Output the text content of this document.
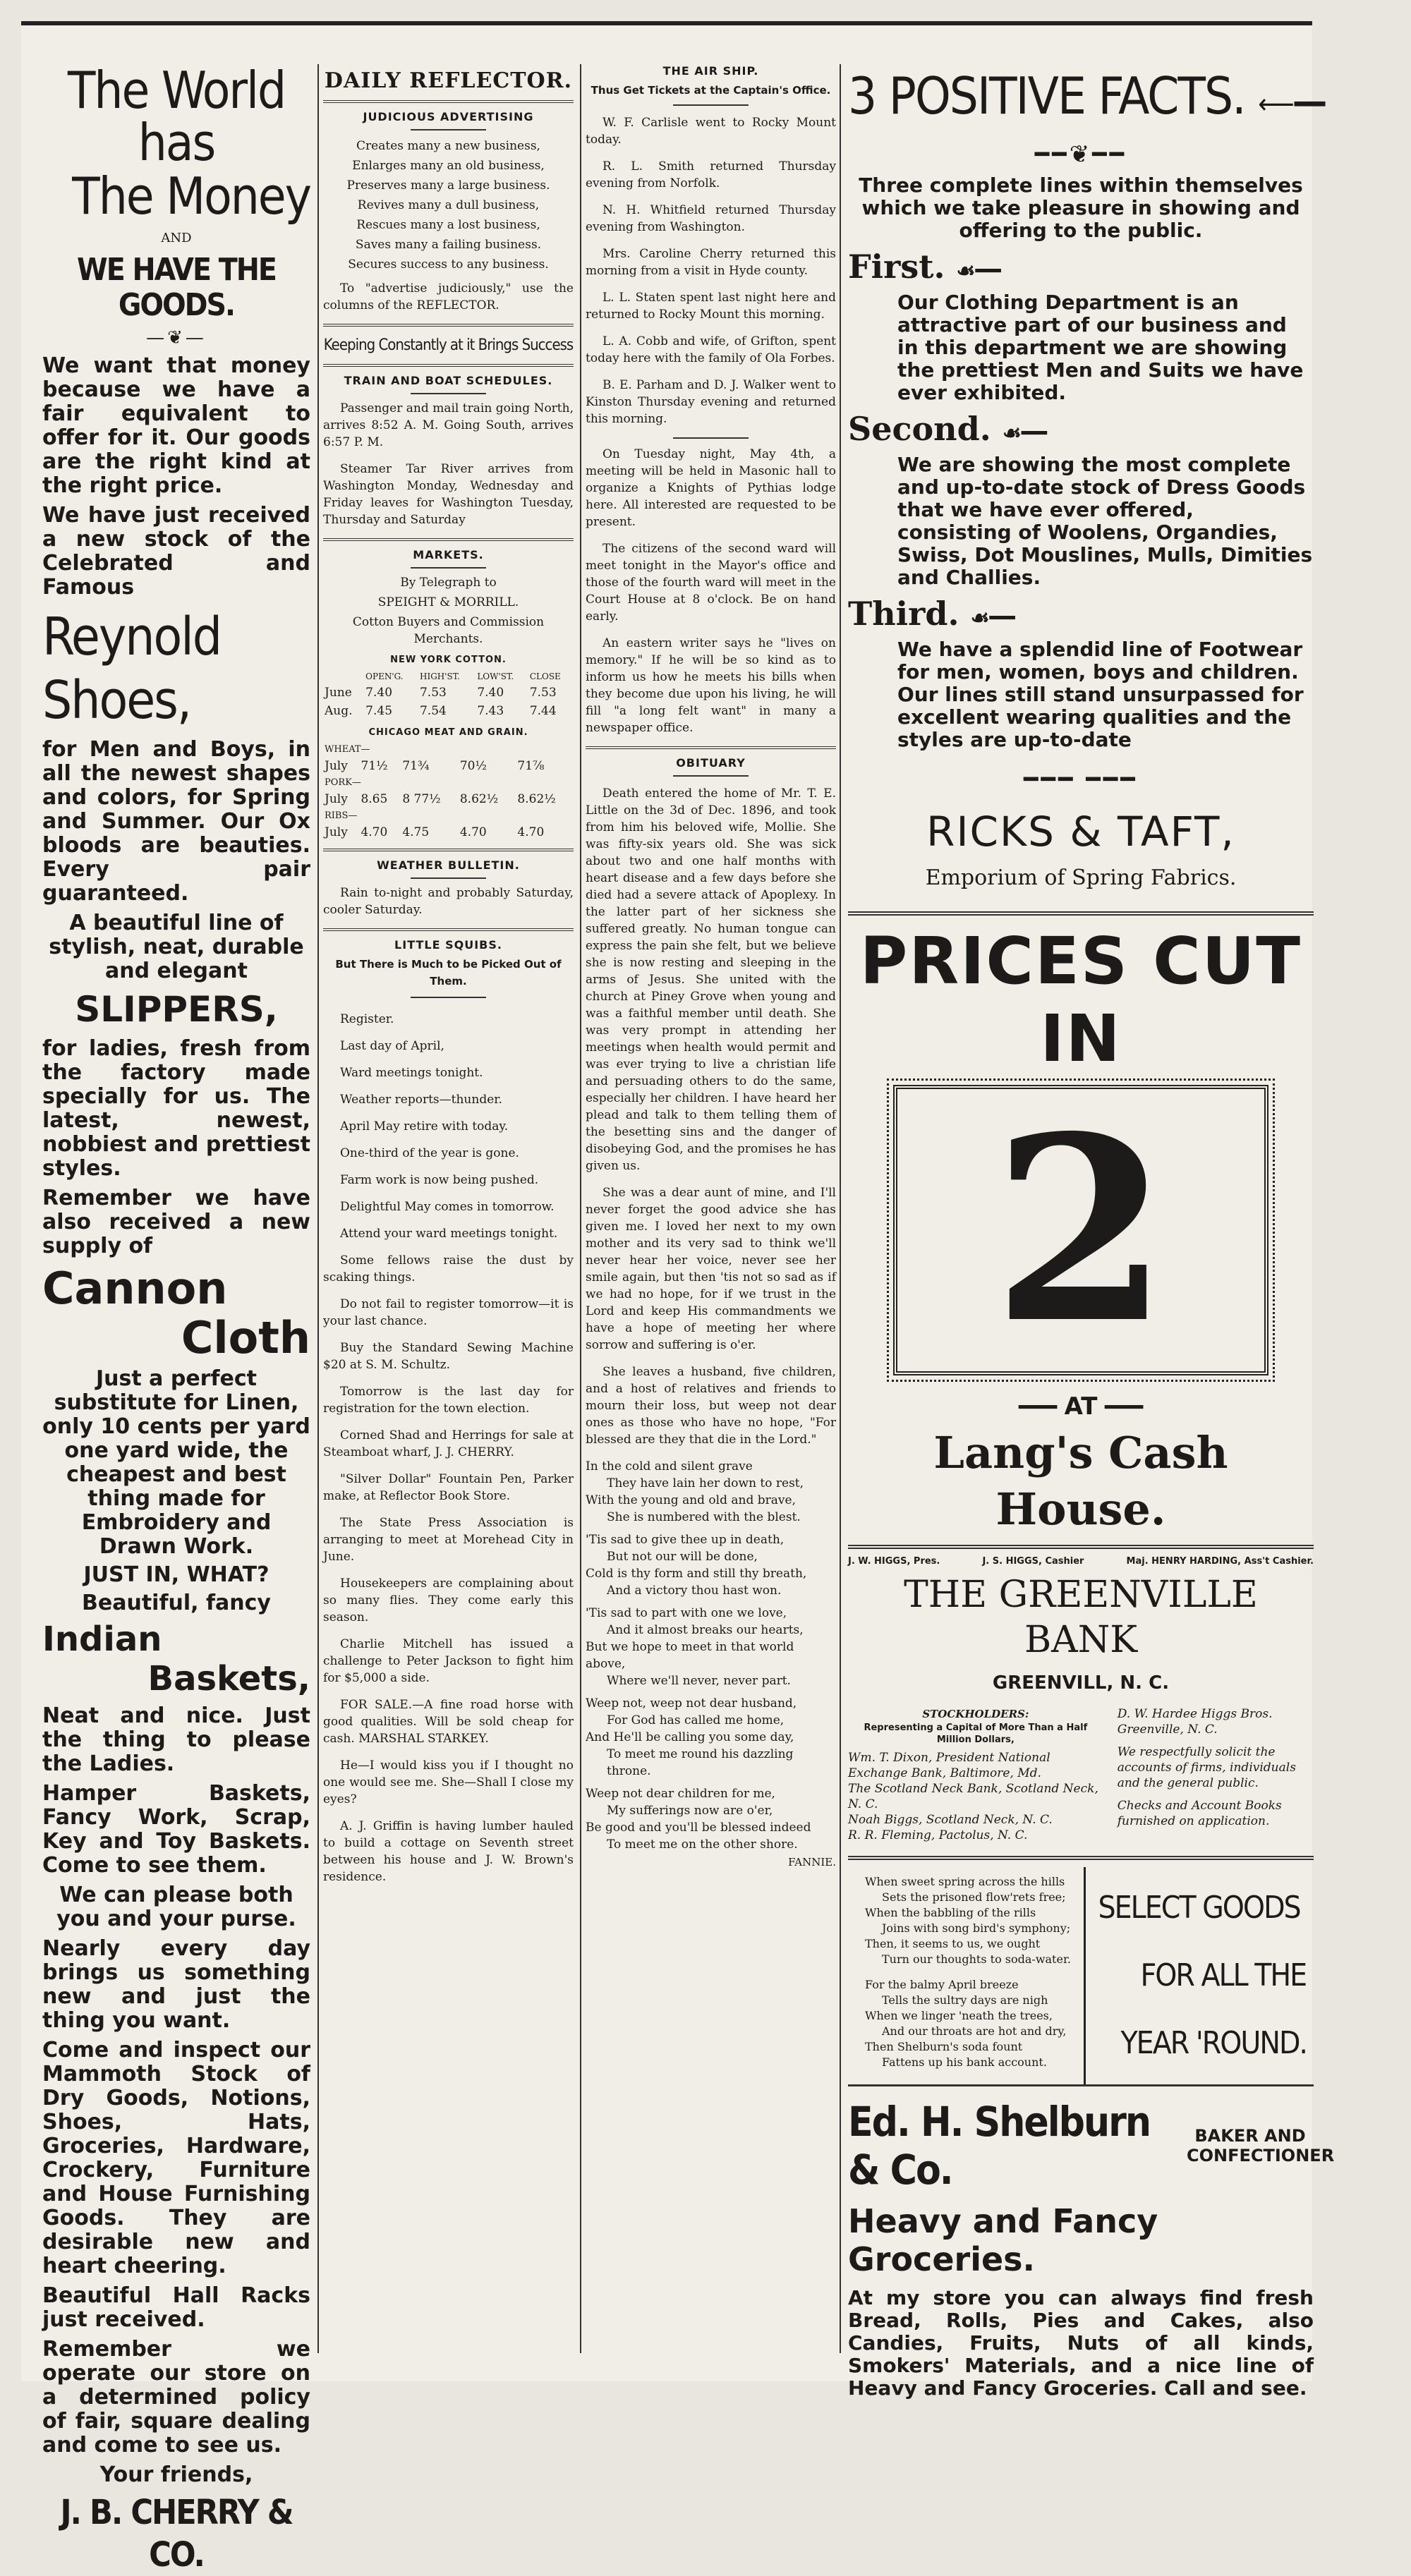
The World has
The Money
AND
WE HAVE THE GOODS.
—❦—

We want that money because we have a fair equivalent to offer for it. Our goods are the right kind at the right price.

We have just received a new stock of the Celebrated and Famous

Reynold Shoes,

for Men and Boys, in all the newest shapes and colors, for Spring and Summer. Our Ox bloods are beauties. Every pair guaranteed.

A beautiful line of stylish, neat, durable and elegant

SLIPPERS,

for ladies, fresh from the factory made specially for us. The latest, newest, nobbiest and prettiest styles.

Remember we have also received a new supply of

Cannon
Cloth

Just a perfect substitute for Linen, only 10 cents per yard one yard wide, the cheapest and best thing made for Embroidery and Drawn Work.

JUST IN, WHAT?

Beautiful, fancy

Indian
Baskets,

Neat and nice. Just the thing to please the Ladies.

Hamper Baskets, Fancy Work, Scrap, Key and Toy Baskets. Come to see them.

We can please both you and your purse.

Nearly every day brings us something new and just the thing you want.

Come and inspect our Mammoth Stock of Dry Goods, Notions, Shoes, Hats, Groceries, Hardware, Crockery, Furniture and House Furnishing Goods. They are desirable new and heart cheering.

Beautiful Hall Racks just received.

Remember we operate our store on a determined policy of fair, square dealing and come to see us.

Your friends,

J. B. CHERRY & CO.
DAILY REFLECTOR.
JUDICIOUS ADVERTISING
Creates many a new business,
Enlarges many an old business,
Preserves many a large business.
Revives many a dull business,
Rescues many a lost business,
Saves many a failing business.
Secures success to any business.

To "advertise judiciously," use the columns of the REFLECTOR.

Keeping Constantly at it Brings Success
TRAIN AND BOAT SCHEDULES.

Passenger and mail train going North, arrives 8:52 A. M. Going South, arrives 6:57 P. M.

Steamer Tar River arrives from Washington Monday, Wednesday and Friday leaves for Washington Tuesday, Thursday and Saturday

MARKETS.
By Telegraph to
SPEIGHT & MORRILL.
Cotton Buyers and Commission Merchants.
NEW YORK COTTON.
	OPEN'G.	HIGH'ST.	LOW'ST.	CLOSE
June	7.40	7.53	7.40	7.53
Aug.	7.45	7.54	7.43	7.44
CHICAGO MEAT AND GRAIN.
WHEAT—				
July	71½	71¾	70½	71⅞
PORK—				
July	8.65	8 77½	8.62½	8.62½
RIBS—				
July	4.70	4.75	4.70	4.70
WEATHER BULLETIN.

Rain to-night and probably Saturday, cooler Saturday.

LITTLE SQUIBS.
But There is Much to be Picked Out of Them.

Register.

Last day of April,

Ward meetings tonight.

Weather reports—thunder.

April May retire with today.

One-third of the year is gone.

Farm work is now being pushed.

Delightful May comes in tomorrow.

Attend your ward meetings tonight.

Some fellows raise the dust by scaking things.

Do not fail to register tomorrow—it is your last chance.

Buy the Standard Sewing Machine $20 at S. M. Schultz.

Tomorrow is the last day for registration for the town election.

Corned Shad and Herrings for sale at Steamboat wharf, J. J. CHERRY.

"Silver Dollar" Fountain Pen, Parker make, at Reflector Book Store.

The State Press Association is arranging to meet at Morehead City in June.

Housekeepers are complaining about so many flies. They come early this season.

Charlie Mitchell has issued a challenge to Peter Jackson to fight him for $5,000 a side.

FOR SALE.—A fine road horse with good qualities. Will be sold cheap for cash. MARSHAL STARKEY.

He—I would kiss you if I thought no one would see me. She—Shall I close my eyes?

A. J. Griffin is having lumber hauled to build a cottage on Seventh street between his house and J. W. Brown's residence.

THE AIR SHIP.
Thus Get Tickets at the Captain's Office.

W. F. Carlisle went to Rocky Mount today.

R. L. Smith returned Thursday evening from Norfolk.

N. H. Whitfield returned Thursday evening from Washington.

Mrs. Caroline Cherry returned this morning from a visit in Hyde county.

L. L. Staten spent last night here and returned to Rocky Mount this morning.

L. A. Cobb and wife, of Grifton, spent today here with the family of Ola Forbes.

B. E. Parham and D. J. Walker went to Kinston Thursday evening and returned this morning.

On Tuesday night, May 4th, a meeting will be held in Masonic hall to organize a Knights of Pythias lodge here. All interested are requested to be present.

The citizens of the second ward will meet tonight in the Mayor's office and those of the fourth ward will meet in the Court House at 8 o'clock. Be on hand early.

An eastern writer says he "lives on memory." If he will be so kind as to inform us how he meets his bills when they become due upon his living, he will fill "a long felt want" in many a newspaper office.

OBITUARY

Death entered the home of Mr. T. E. Little on the 3d of Dec. 1896, and took from him his beloved wife, Mollie. She was fifty-six years old. She was sick about two and one half months with heart disease and a few days before she died had a severe attack of Apoplexy. In the latter part of her sickness she suffered greatly. No human tongue can express the pain she felt, but we believe she is now resting and sleeping in the arms of Jesus. She united with the church at Piney Grove when young and was a faithful member until death. She was very prompt in attending her meetings when health would permit and was ever trying to live a christian life and persuading others to do the same, especially her children. I have heard her plead and talk to them telling them of the besetting sins and the danger of disobeying God, and the promises he has given us.

She was a dear aunt of mine, and I'll never forget the good advice she has given me. I loved her next to my own mother and its very sad to think we'll never hear her voice, never see her smile again, but then 'tis not so sad as if we had no hope, for if we trust in the Lord and keep His commandments we have a hope of meeting her where sorrow and suffering is o'er.

She leaves a husband, five children, and a host of relatives and friends to mourn their loss, but weep not dear ones as those who have no hope, "For blessed are they that die in the Lord."

In the cold and silent grave
They have lain her down to rest,
With the young and old and brave,
She is numbered with the blest.
'Tis sad to give thee up in death,
But not our will be done,
Cold is thy form and still thy breath,
And a victory thou hast won.
'Tis sad to part with one we love,
And it almost breaks our hearts,
But we hope to meet in that world above,
Where we'll never, never part.
Weep not, weep not dear husband,
For God has called me home,
And He'll be calling you some day,
To meet me round his dazzling throne.
Weep not dear children for me,
My sufferings now are o'er,
Be good and you'll be blessed indeed
To meet me on the other shore.
FANNIE.
3 POSITIVE FACTS. ⟵━━
━━❦━━

Three complete lines within themselves which we take pleasure in showing and offering to the public.

First. ☙━━

Our Clothing Department is an attractive part of our business and in this department we are showing the prettiest Men and Suits we have ever exhibited.

Second. ☙━━

We are showing the most complete and up-to-date stock of Dress Goods that we have ever offered, consisting of Woolens, Organdies, Swiss, Dot Mouslines, Mulls, Dimities and Challies.

Third. ☙━━

We have a splendid line of Footwear for men, women, boys and children. Our lines still stand unsurpassed for excellent wearing qualities and the styles are up-to-date

━━━ ━━━
RICKS & TAFT,
Emporium of Spring Fabrics.
PRICES CUT IN
2
━━━ AT ━━━
Lang's Cash House.
J. W. HIGGS, Pres.	J. S. HIGGS, Cashier	Maj. HENRY HARDING, Ass't Cashier.
THE GREENVILLE BANK
GREENVILL, N. C.
STOCKHOLDERS:
Representing a Capital of More Than a Half Million Dollars,
Wm. T. Dixon, President National Exchange Bank, Baltimore, Md.
The Scotland Neck Bank, Scotland Neck, N. C.
Noah Biggs, Scotland Neck, N. C.
R. R. Fleming, Pactolus, N. C.
D. W. Hardee Higgs Bros. Greenville, N. C.
We respectfully solicit the accounts of firms, individuals and the general public.
Checks and Account Books furnished on application.
When sweet spring across the hills
Sets the prisoned flow'rets free;
When the babbling of the rills
Joins with song bird's symphony;
Then, it seems to us, we ought
Turn our thoughts to soda-water.
For the balmy April breeze
Tells the sultry days are nigh
When we linger 'neath the trees,
And our throats are hot and dry,
Then Shelburn's soda fount
Fattens up his bank account.
SELECT GOODS
FOR ALL THE
YEAR 'ROUND.
Ed. H. Shelburn & Co.
BAKER AND CONFECTIONER
Heavy and Fancy Groceries.

At my store you can always find fresh Bread, Rolls, Pies and Cakes, also Candies, Fruits, Nuts of all kinds, Smokers' Materials, and a nice line of Heavy and Fancy Groceries. Call and see.
